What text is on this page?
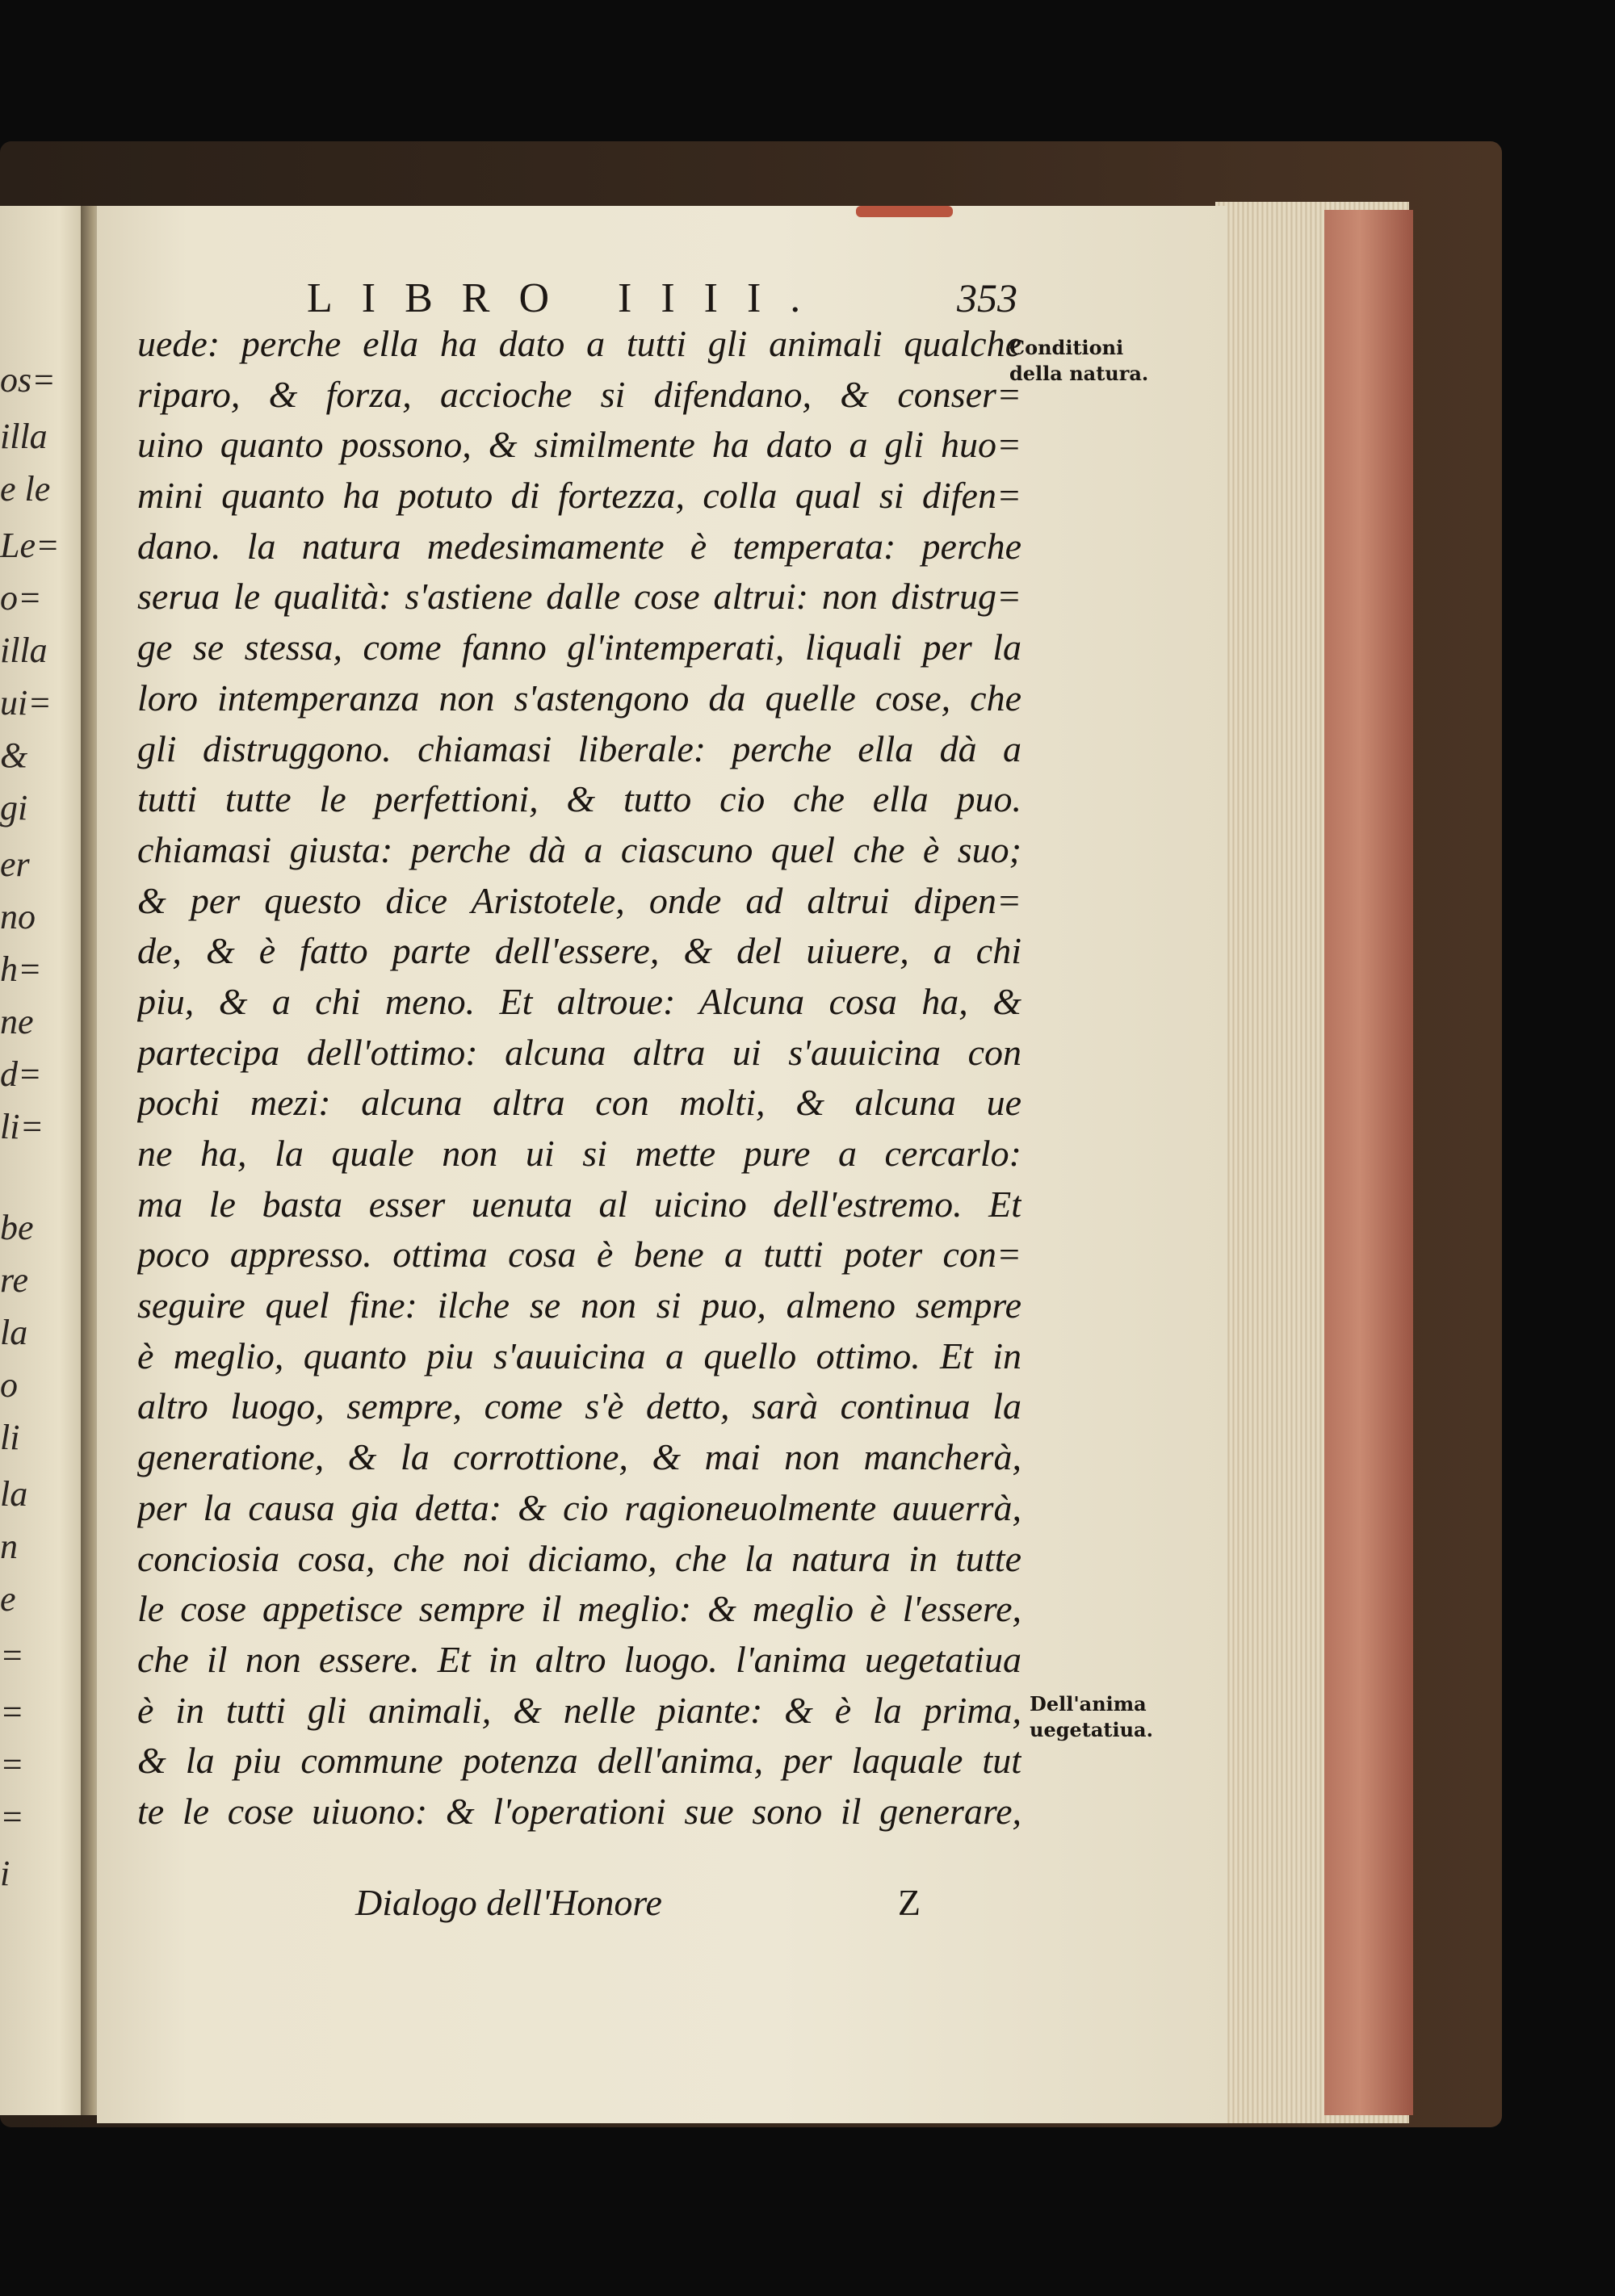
os=
illa
e le
Le=
o=
illa
ui=
&
gi
er
no
h=
ne
d=
li=
be
re
la
o
li
la
n
e
=
=
=
=
i
LIBRO IIII.	353
uede: perche ella ha dato a tutti gli animali qualche
riparo, & forza, accioche si difendano, & conser=
uino quanto possono, & similmente ha dato a gli huo=
mini quanto ha potuto di fortezza, colla qual si difen=
dano. la natura medesimamente è temperata: perche
serua le qualità: s'astiene dalle cose altrui: non distrug=
ge se stessa, come fanno gl'intemperati, liquali per la
loro intemperanza non s'astengono da quelle cose, che
gli distruggono. chiamasi liberale: perche ella dà a
tutti tutte le perfettioni, & tutto cio che ella puo.
chiamasi giusta: perche dà a ciascuno quel che è suo;
& per questo dice Aristotele, onde ad altrui dipen=
de, & è fatto parte dell'essere, & del uiuere, a chi
piu, & a chi meno. Et altroue: Alcuna cosa ha, &
partecipa dell'ottimo: alcuna altra ui s'auuicina con
pochi mezi: alcuna altra con molti, & alcuna ue
ne ha, la quale non ui si mette pure a cercarlo:
ma le basta esser uenuta al uicino dell'estremo. Et
poco appresso. ottima cosa è bene a tutti poter con=
seguire quel fine: ilche se non si puo, almeno sempre
è meglio, quanto piu s'auuicina a quello ottimo. Et in
altro luogo, sempre, come s'è detto, sarà continua la
generatione, & la corrottione, & mai non mancherà,
per la causa gia detta: & cio ragioneuolmente auuerrà,
conciosia cosa, che noi diciamo, che la natura in tutte
le cose appetisce sempre il meglio: & meglio è l'essere,
che il non essere. Et in altro luogo. l'anima uegetatiua
è in tutti gli animali, & nelle piante: & è la prima,
& la piu commune potenza dell'anima, per laquale tut
te le cose uiuono: & l'operationi sue sono il generare,
Conditioni
della natura.
Dell'anima
uegetatiua.
Dialogo dell'Honore	Z
